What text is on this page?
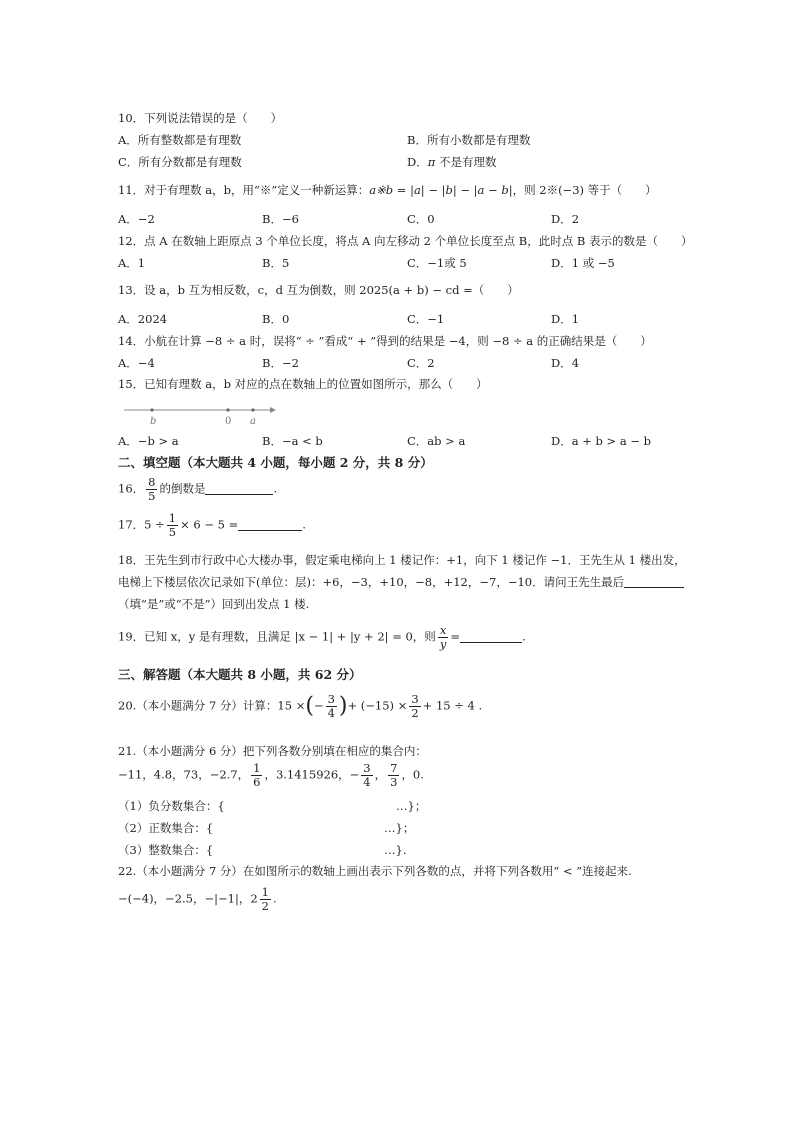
10．下列说法错误的是（　　）
A．所有整数都是有理数	B．所有小数都是有理数
C．所有分数都是有理数	D．π 不是有理数
11．对于有理数 a，b，用“※”定义一种新运算：a※b = |a| − |b| − |a − b|，则 2※(−3) 等于（　　）
A．−2	B．−6	C．0	D．2
12．点 A 在数轴上距原点 3 个单位长度，将点 A 向左移动 2 个单位长度至点 B，此时点 B 表示的数是（　　）
A．1	B．5	C．−1或 5	D．1 或 −5
13．设 a，b 互为相反数，c，d 互为倒数，则 2025(a + b) − cd =（　　）
A．2024	B．0	C．−1	D．1
14．小航在计算 −8 ÷ a 时，误将“ ÷ ”看成“ + ”得到的结果是 −4，则 −8 ÷ a 的正确结果是（　　）
A．−4	B．−2	C．2	D．4
15．已知有理数 a，b 对应的点在数轴上的位置如图所示，那么（　　）
b	0 a
A．−b > a	B．−a < b	C．ab > a	D．a + b > a − b
二、填空题（本大题共 4 小题，每小题 2 分，共 8 分）
16． $\frac{8}{5}$ 的倒数是	.
17．$5 \div \frac{1}{5} \times 6 - 5$ =	.
18．王先生到市行政中心大楼办事，假定乘电梯向上 1 楼记作：+1，向下 1 楼记作 −1．王先生从 1 楼出发，
电梯上下楼层依次记录如下(单位：层)：+6，−3，+10，−8，+12，−7，−10．请问王先生最后
（填“是”或“不是”）回到出发点 1 楼.
19．已知 x，y 是有理数，且满足 |x − 1| + |y + 2| = 0，则 $\frac{x}{y}$ =	.
三、解答题（本大题共 8 小题，共 62 分）
20.（本小题满分 7 分）计算：15 ×(− $\frac{3}{4}$ )+ $(-15) \times \frac{3}{2} + 15 \div 4$ .
21.（本小题满分 6 分）把下列各数分别填在相应的集合内：
−11，4.8，73，−2.7， $\frac{1}{6}$ ，3.1415926，− $\frac{3}{4}$ ， $\frac{7}{3}$ ，0.
（1）负分数集合：{	…}；
（2）正数集合：{	…}；
（3）整数集合：{	…}.
22.（本小题满分 7 分）在如图所示的数轴上画出表示下列各数的点，并将下列各数用“ < ”连接起来.
−(−4)，−2.5，−|−1|，$2 \frac{1}{2}$ .
